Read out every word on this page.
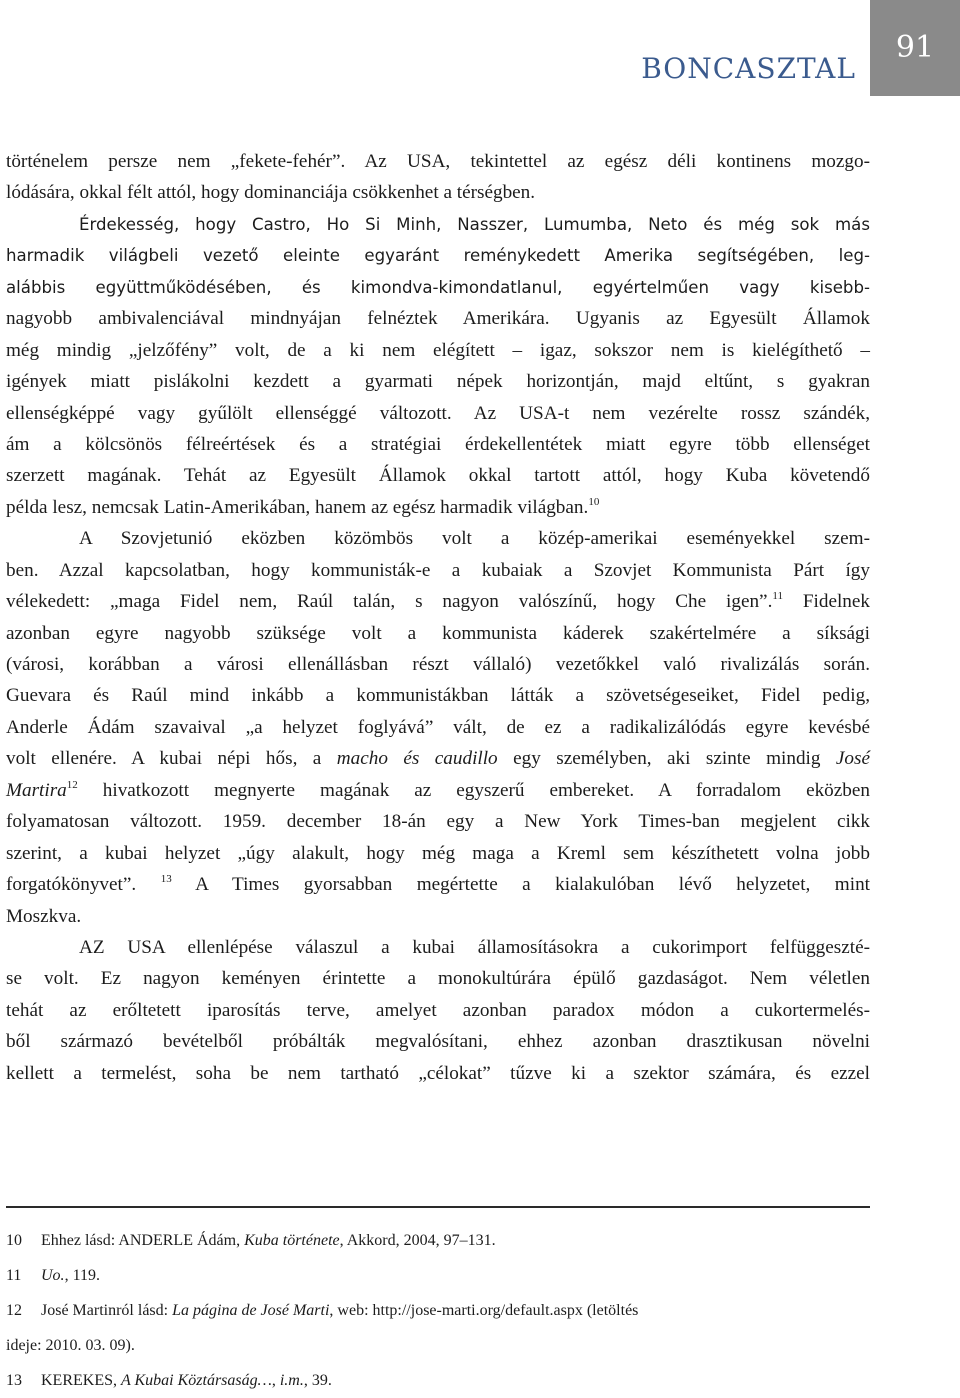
BONCASZTAL
91
történelem persze nem „fekete-fehér”. Az USA, tekintettel az egész déli kontinens mozgo-
lódására, okkal félt attól, hogy dominanciája csökkenhet a térségben.
Érdekesség, hogy Castro, Ho Si Minh, Nasszer, Lumumba, Neto és még sok más
harmadik világbeli vezető eleinte egyaránt reménykedett Amerika segítségében, leg-
alábbis együttműködésében, és kimondva-kimondatlanul, egyértelműen vagy kisebb-
nagyobb ambivalenciával mindnyájan felnéztek Amerikára. Ugyanis az Egyesült Államok
még mindig „jelzőfény” volt, de a ki nem elégített – igaz, sokszor nem is kielégíthető –
igények miatt pislákolni kezdett a gyarmati népek horizontján, majd eltűnt, s gyakran
ellenségképpé vagy gyűlölt ellenséggé változott. Az USA-t nem vezérelte rossz szándék,
ám a kölcsönös félreértések és a stratégiai érdekellentétek miatt egyre több ellenséget
szerzett magának. Tehát az Egyesült Államok okkal tartott attól, hogy Kuba követendő
példa lesz, nemcsak Latin-Amerikában, hanem az egész harmadik világban.$^{10}$
A Szovjetunió eközben közömbös volt a közép-amerikai eseményekkel szem-
ben. Azzal kapcsolatban, hogy kommunisták-e a kubaiak a Szovjet Kommunista Párt így
vélekedett: „maga Fidel nem, Raúl talán, s nagyon valószínű, hogy Che igen”.$^{11}$ Fidelnek
azonban egyre nagyobb szüksége volt a kommunista káderek szakértelmére a síksági
(városi, korábban a városi ellenállásban részt vállaló) vezetőkkel való rivalizálás során.
Guevara és Raúl mind inkább a kommunistákban látták a szövetségeseiket, Fidel pedig,
Anderle Ádám szavaival „a helyzet foglyává” vált, de ez a radikalizálódás egyre kevésbé
volt ellenére. A kubai népi hős, a macho és caudillo egy személyben, aki szinte mindig José
Martira$^{12}$ hivatkozott megnyerte magának az egyszerű embereket. A forradalom eközben
folyamatosan változott. 1959. december 18-án egy a New York Times-ban megjelent cikk
szerint, a kubai helyzet „úgy alakult, hogy még maga a Kreml sem készíthetett volna jobb
forgatókönyvet”. $^{13}$ A Times gyorsabban megértette a kialakulóban lévő helyzetet, mint
Moszkva.
AZ USA ellenlépése válaszul a kubai államosításokra a cukorimport felfüggeszté-
se volt. Ez nagyon keményen érintette a monokultúrára épülő gazdaságot. Nem véletlen
tehát az erőltetett iparosítás terve, amelyet azonban paradox módon a cukortermelés-
ből származó bevételből próbálták megvalósítani, ehhez azonban drasztikusan növelni
kellett a termelést, soha be nem tartható „célokat” tűzve ki a szektor számára, és ezzel
10 Ehhez lásd: ANDERLE Ádám, Kuba története, Akkord, 2004, 97–131.
11 Uo., 119.
12 José Martinról lásd: La página de José Marti, web: http://jose-marti.org/default.aspx (letöltés
ideje: 2010. 03. 09).
13 KEREKES, A Kubai Köztársaság…, i.m., 39.
